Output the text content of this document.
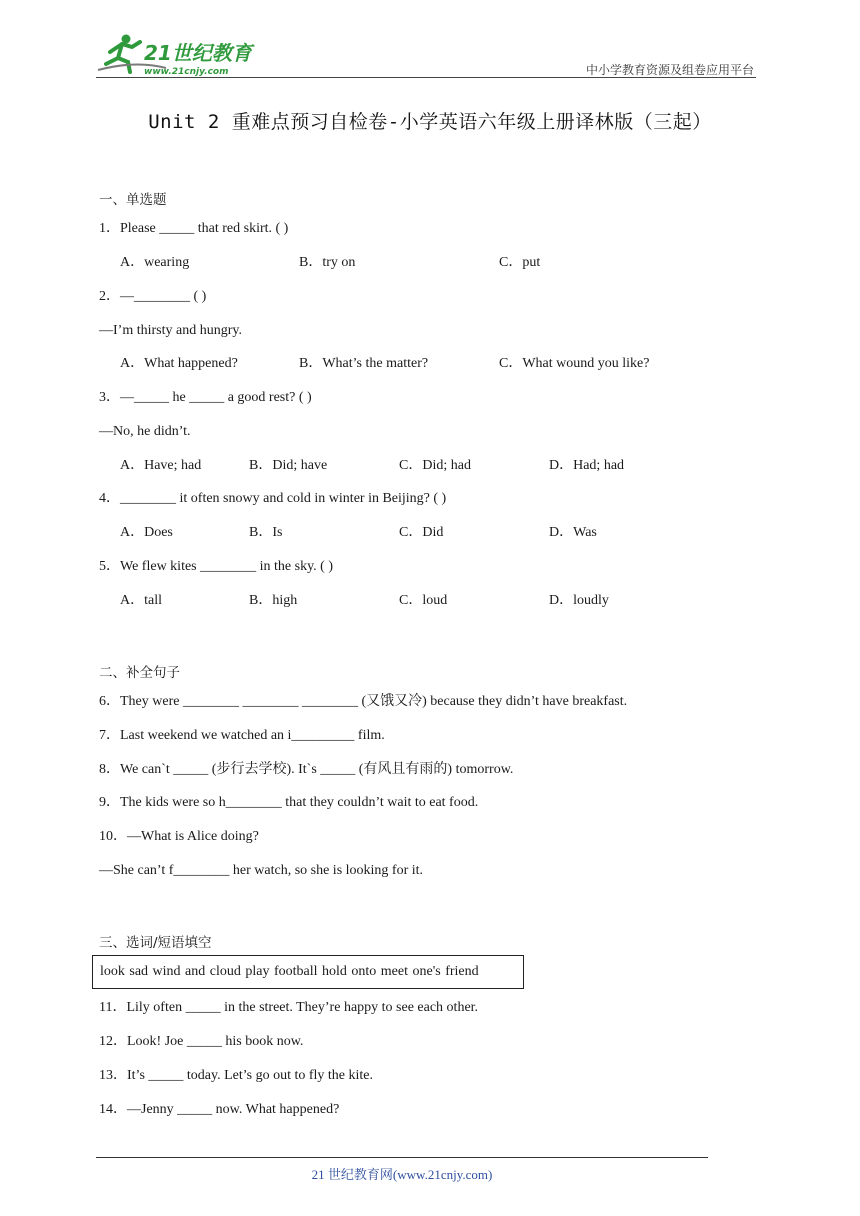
21世纪教育
www.21cnjy.com	中小学教育资源及组卷应用平台
Unit 2 重难点预习自检卷-小学英语六年级上册译林版（三起）
一、单选题
1．Please _____ that red skirt. ( )
A．wearing	B．try on	C．put
2．—________ ( )
—I’m thirsty and hungry.
A．What happened?	B．What’s the matter?	C．What wound you like?
3．—_____ he _____ a good rest? ( )
—No, he didn’t.
A．Have; had	B．Did; have	C．Did; had	D．Had; had
4．________ it often snowy and cold in winter in Beijing? ( )
A．Does	B．Is	C．Did	D．Was
5．We flew kites ________ in the sky. ( )
A．tall	B．high	C．loud	D．loudly
二、补全句子
6．They were ________ ________ ________ (又饿又冷) because they didn’t have breakfast.
7．Last weekend we watched an i_________ film.
8．We can`t _____ (步行去学校). It`s _____ (有风且有雨的) tomorrow.
9．The kids were so h________ that they couldn’t wait to eat food.
10．—What is Alice doing?
—She can’t f________ her watch, so she is looking for it.
三、选词/短语填空
look sad wind and cloud play football hold onto meet one's friend
11．Lily often _____ in the street. They’re happy to see each other.
12．Look! Joe _____ his book now.
13．It’s _____ today. Let’s go out to fly the kite.
14．—Jenny _____ now. What happened?
21 世纪教育网(www.21cnjy.com)
